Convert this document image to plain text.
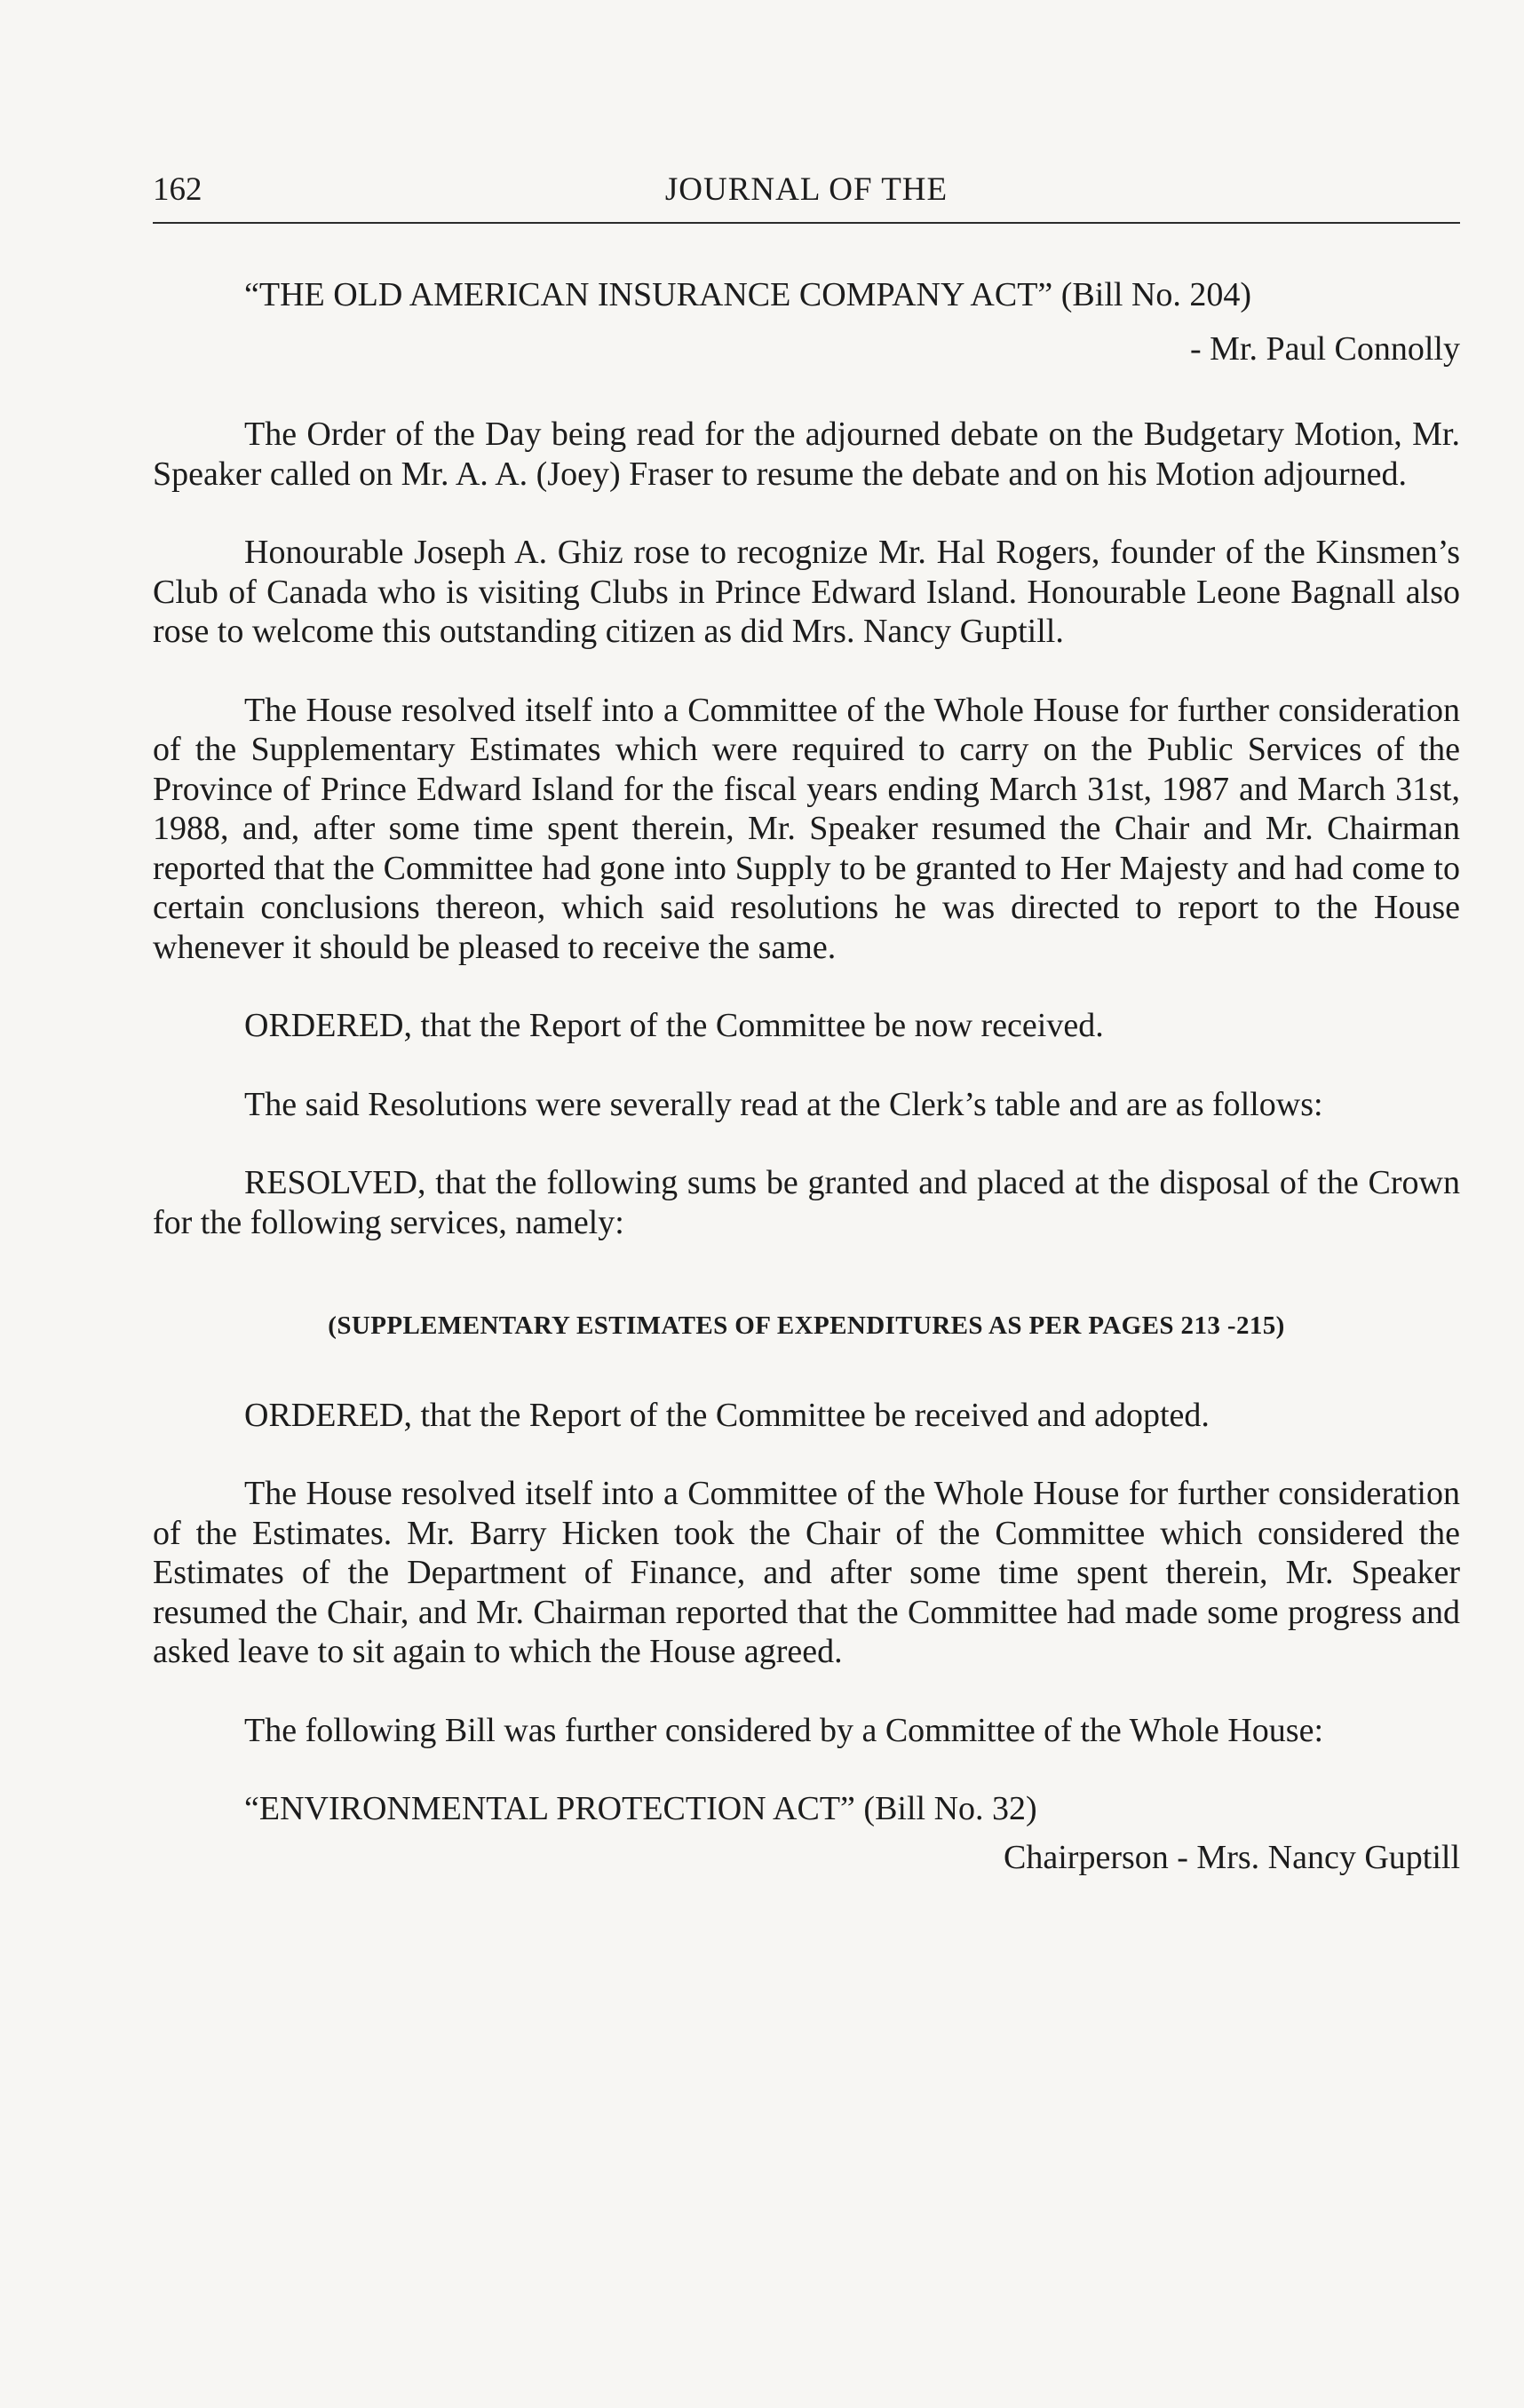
162	JOURNAL OF THE

“THE OLD AMERICAN INSURANCE COMPANY ACT” (Bill No. 204)

- Mr. Paul Connolly

The Order of the Day being read for the adjourned debate on the Budgetary Motion, Mr. Speaker called on Mr. A. A. (Joey) Fraser to resume the debate and on his Motion adjourned.

Honourable Joseph A. Ghiz rose to recognize Mr. Hal Rogers, founder of the Kinsmen’s Club of Canada who is visiting Clubs in Prince Edward Island. Honourable Leone Bagnall also rose to welcome this outstanding citizen as did Mrs. Nancy Guptill.

The House resolved itself into a Committee of the Whole House for further consideration of the Supplementary Estimates which were required to carry on the Public Services of the Province of Prince Edward Island for the fiscal years ending March 31st, 1987 and March 31st, 1988, and, after some time spent therein, Mr. Speaker resumed the Chair and Mr. Chairman reported that the Committee had gone into Supply to be granted to Her Majesty and had come to certain conclusions thereon, which said resolutions he was directed to report to the House whenever it should be pleased to receive the same.

ORDERED, that the Report of the Committee be now received.

The said Resolutions were severally read at the Clerk’s table and are as follows:

RESOLVED, that the following sums be granted and placed at the disposal of the Crown for the following services, namely:

(SUPPLEMENTARY ESTIMATES OF EXPENDITURES AS PER PAGES 213 -215)

ORDERED, that the Report of the Committee be received and adopted.

The House resolved itself into a Committee of the Whole House for further consideration of the Estimates. Mr. Barry Hicken took the Chair of the Committee which considered the Estimates of the Department of Finance, and after some time spent therein, Mr. Speaker resumed the Chair, and Mr. Chairman reported that the Committee had made some progress and asked leave to sit again to which the House agreed.

The following Bill was further considered by a Committee of the Whole House:

“ENVIRONMENTAL PROTECTION ACT” (Bill No. 32)

Chairperson - Mrs. Nancy Guptill
